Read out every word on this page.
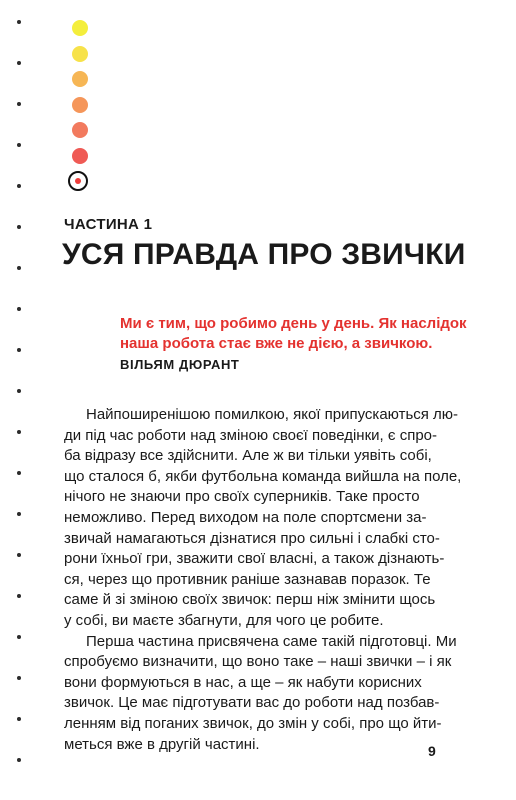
ЧАСТИНА 1
УСЯ ПРАВДА ПРО ЗВИЧКИ
Ми є тим, що робимо день у день. Як наслідок
наша робота стає вже не дією, а звичкою.
ВІЛЬЯМ ДЮРАНТ

Найпоширенішою помилкою, якої припускаються лю-
ди під час роботи над зміною своєї поведінки, є спро-
ба відразу все здійснити. Але ж ви тільки уявіть собі,
що сталося б, якби футбольна команда вийшла на поле,
нічого не знаючи про своїх суперників. Таке просто
неможливо. Перед виходом на поле спортсмени за-
звичай намагаються дізнатися про сильні і слабкі сто-
рони їхньої гри, зважити свої власні, а також дізнають-
ся, через що противник раніше зазнавав поразок. Те
саме й зі зміною своїх звичок: перш ніж змінити щось
у собі, ви маєте збагнути, для чого це робите.

Перша частина присвячена саме такій підготовці. Ми
спробуємо визначити, що воно таке – наші звички – і як
вони формуються в нас, а ще – як набути корисних
звичок. Це має підготувати вас до роботи над позбав-
ленням від поганих звичок, до змін у собі, про що йти-
меться вже в другій частині.	9
